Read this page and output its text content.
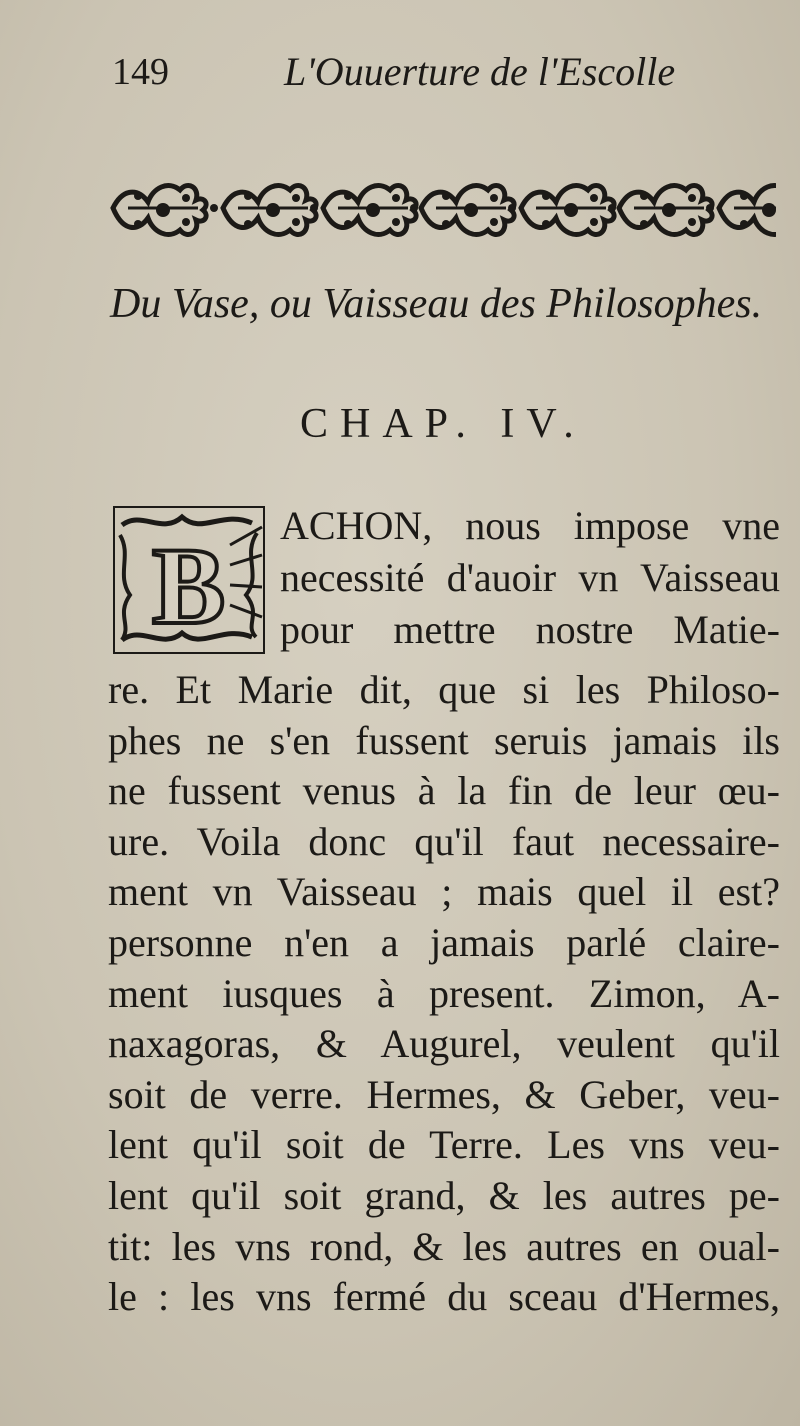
149	L'Ouuerture de l'Escolle
Du Vase, ou Vaisseau des Philosophes.
CHAP. IV.
B ACHON, nous impose vne
necessité d'auoir vn Vaisseau
pour mettre nostre Matie-
re. Et Marie dit, que si les Philoso-
phes ne s'en fussent seruis jamais ils
ne fussent venus à la fin de leur œu-
ure. Voila donc qu'il faut necessaire-
ment vn Vaisseau ; mais quel il est?
personne n'en a jamais parlé claire-
ment iusques à present. Zimon, A-
naxagoras, & Augurel, veulent qu'il
soit de verre. Hermes, & Geber, veu-
lent qu'il soit de Terre. Les vns veu-
lent qu'il soit grand, & les autres pe-
tit: les vns rond, & les autres en oual-
le : les vns fermé du sceau d'Hermes,
